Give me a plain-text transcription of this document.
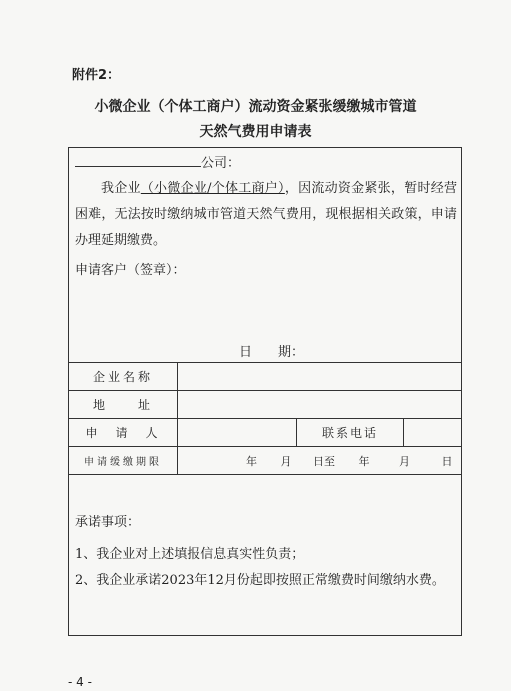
附件2：
小微企业（个体工商户）流动资金紧张缓缴城市管道
天然气费用申请表
公司：
我企业（小微企业/个体工商户），因流动资金紧张，暂时经营困难，无法按时缴纳城市管道天然气费用，现根据相关政策，申请办理延期缴费。
申请客户（签章）：
日　　期：
企业名称			
地　　址			
申　请　人		联系电话	
申请缓缴期限	年 月 日至 年 月 日		
承诺事项：
1、我企业对上述填报信息真实性负责；
2、我企业承诺2023年12月份起即按照正常缴费时间缴纳水费。
- 4 -
